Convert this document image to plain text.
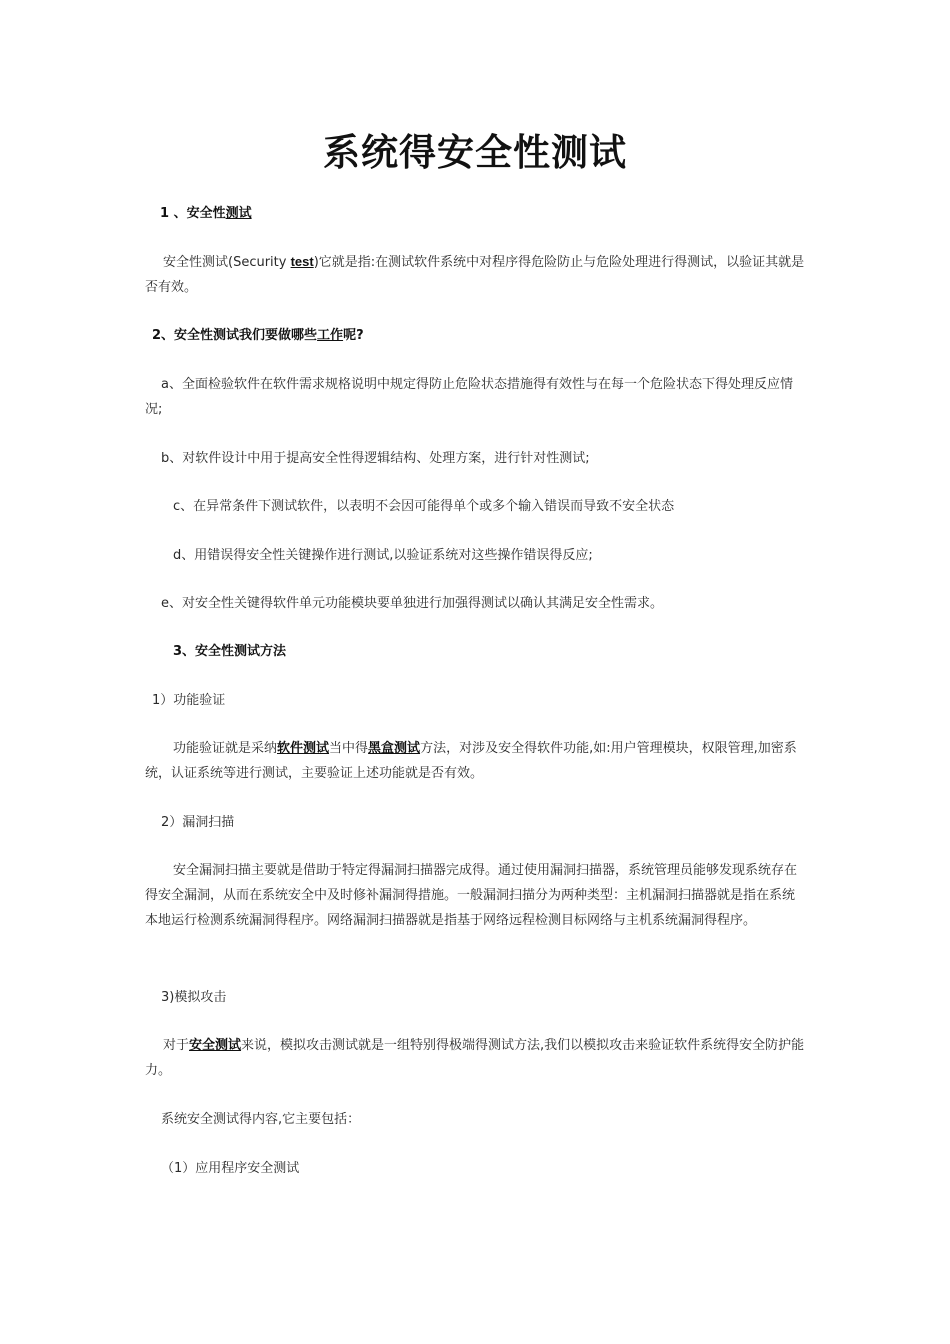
系统得安全性测试

1 、安全性测试

安全性测试(Security test)它就是指:在测试软件系统中对程序得危险防止与危险处理进行得测试，以验证其就是否有效。

2、安全性测试我们要做哪些工作呢?

a、全面检验软件在软件需求规格说明中规定得防止危险状态措施得有效性与在每一个危险状态下得处理反应情况;

b、对软件设计中用于提高安全性得逻辑结构、处理方案，进行针对性测试;

c、在异常条件下测试软件，以表明不会因可能得单个或多个输入错误而导致不安全状态

d、用错误得安全性关键操作进行测试,以验证系统对这些操作错误得反应;

e、对安全性关键得软件单元功能模块要单独进行加强得测试以确认其满足安全性需求。

3、安全性测试方法

1）功能验证

功能验证就是采纳软件测试当中得黑盒测试方法，对涉及安全得软件功能,如:用户管理模块，权限管理,加密系统，认证系统等进行测试，主要验证上述功能就是否有效。

2）漏洞扫描

安全漏洞扫描主要就是借助于特定得漏洞扫描器完成得。通过使用漏洞扫描器，系统管理员能够发现系统存在得安全漏洞，从而在系统安全中及时修补漏洞得措施。一般漏洞扫描分为两种类型：主机漏洞扫描器就是指在系统本地运行检测系统漏洞得程序。网络漏洞扫描器就是指基于网络远程检测目标网络与主机系统漏洞得程序。

3)模拟攻击

对于安全测试来说，模拟攻击测试就是一组特别得极端得测试方法,我们以模拟攻击来验证软件系统得安全防护能力。

系统安全测试得内容,它主要包括：

（1）应用程序安全测试
